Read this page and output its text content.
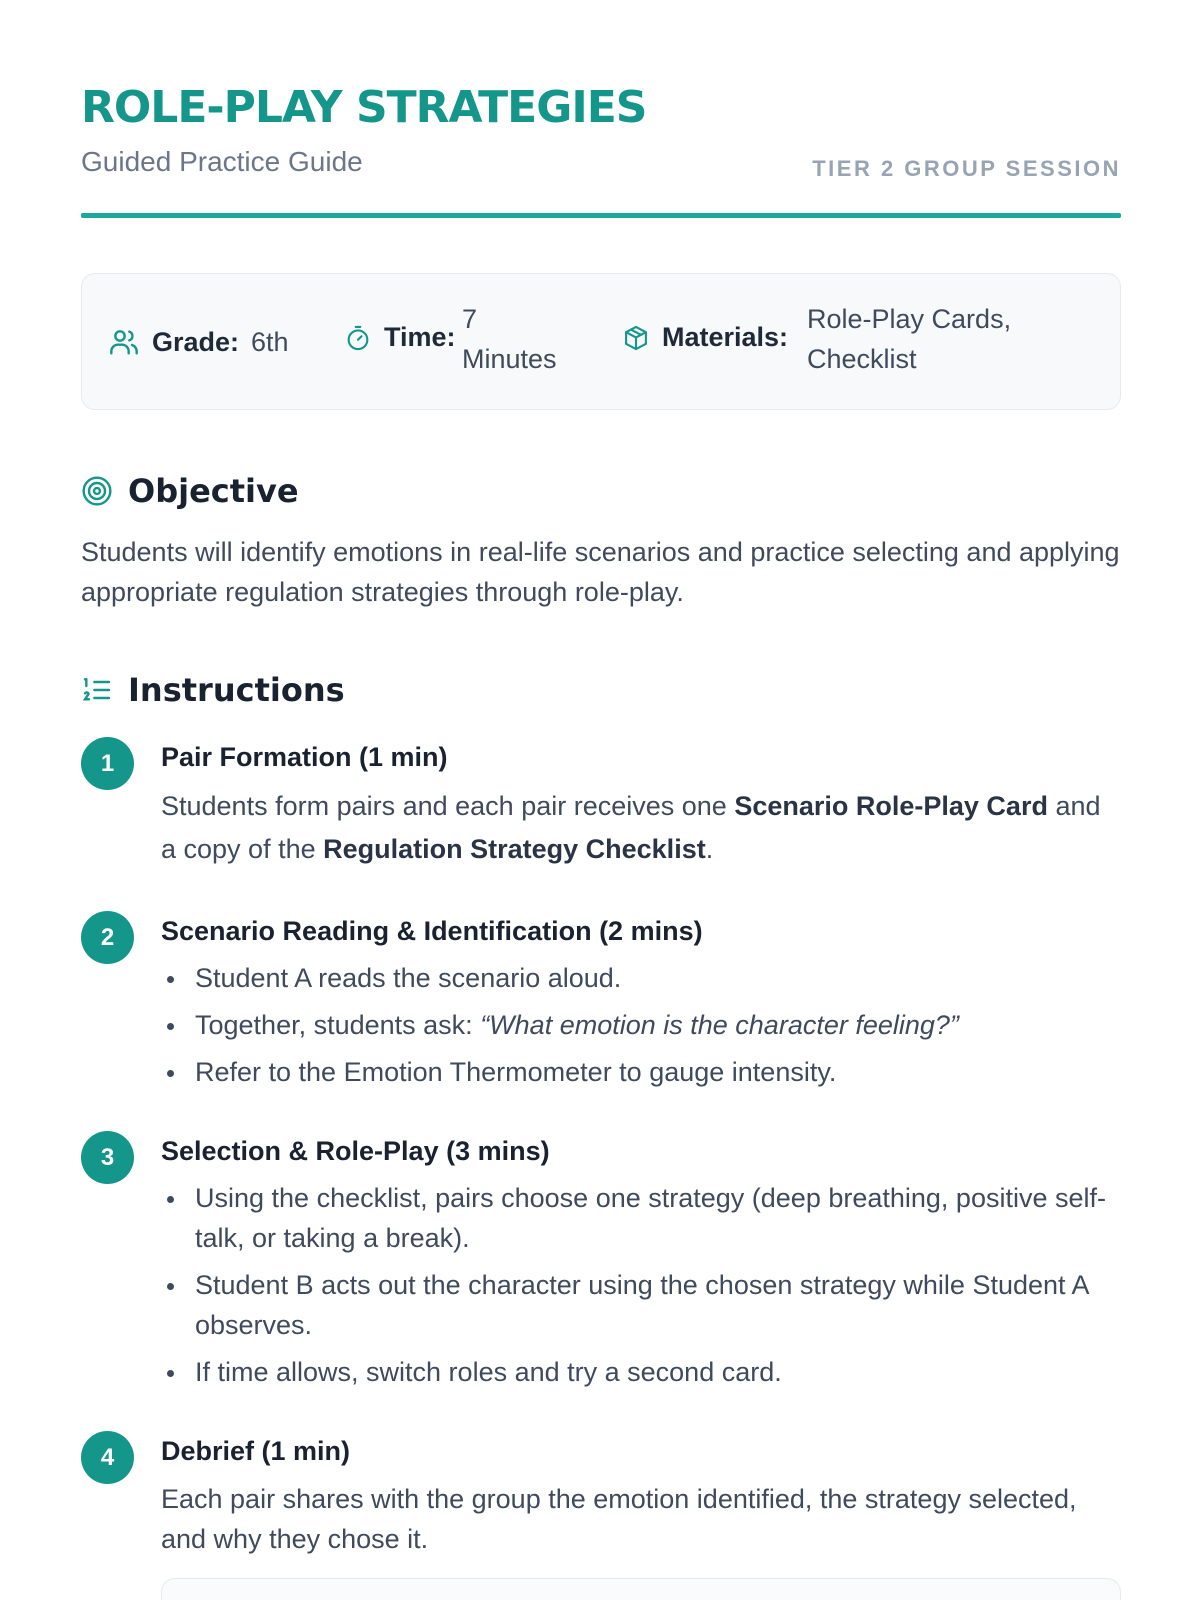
ROLE-PLAY STRATEGIES
Guided Practice Guide	TIER 2 GROUP SESSION
Grade: 6th	Time:
7
Minutes
Materials:
Role-Play Cards,
Checklist
Objective

Students will identify emotions in real-life scenarios and practice selecting and applying appropriate regulation strategies through role-play.

Instructions
1	Pair Formation (1 min)

Students form pairs and each pair receives one Scenario Role-Play Card and a copy of the Regulation Strategy Checklist.

2	Scenario Reading & Identification (2 mins)
Student A reads the scenario aloud.
Together, students ask: “What emotion is the character feeling?”
Refer to the Emotion Thermometer to gauge intensity.
3	Selection & Role-Play (3 mins)
Using the checklist, pairs choose one strategy (deep breathing, positive self-talk, or taking a break).
Student B acts out the character using the chosen strategy while Student A observes.
If time allows, switch roles and try a second card.
4	Debrief (1 min)

Each pair shares with the group the emotion identified, the strategy selected, and why they chose it.
